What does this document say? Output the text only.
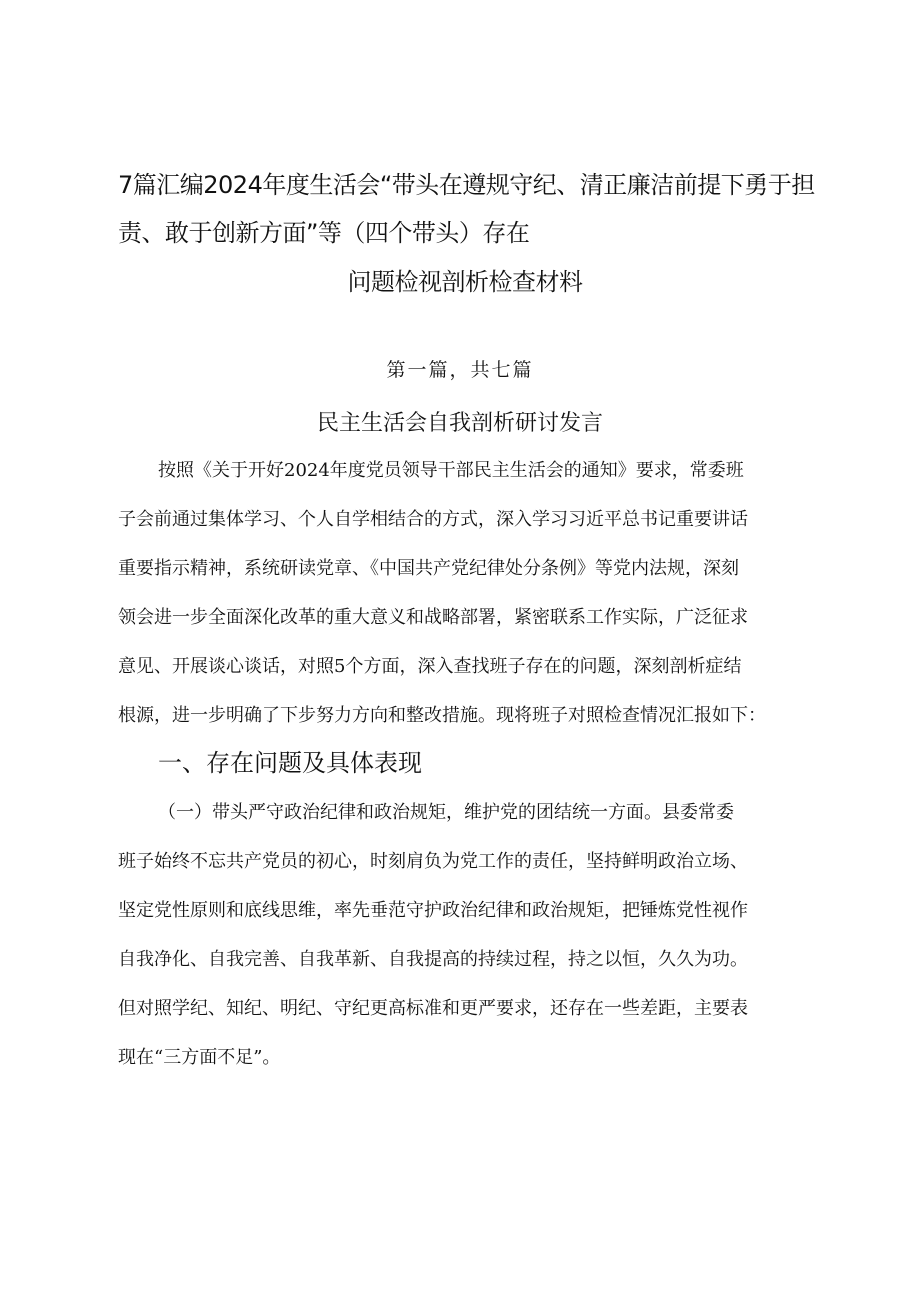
7篇汇编2024年度生活会“带头在遵规守纪、清正廉洁前提下勇于担
责、敢于创新方面”等（四个带头）存在
问题检视剖析检查材料
第一篇，共七篇
民主生活会自我剖析研讨发言
按照《关于开好2024年度党员领导干部民主生活会的通知》要求，常委班
子会前通过集体学习、个人自学相结合的方式，深入学习习近平总书记重要讲话
重要指示精神，系统研读党章、《中国共产党纪律处分条例》等党内法规，深刻
领会进一步全面深化改革的重大意义和战略部署，紧密联系工作实际，广泛征求
意见、开展谈心谈话，对照5个方面，深入查找班子存在的问题，深刻剖析症结
根源，进一步明确了下步努力方向和整改措施。现将班子对照检查情况汇报如下：
一、存在问题及具体表现
（一）带头严守政治纪律和政治规矩，维护党的团结统一方面。县委常委
班子始终不忘共产党员的初心，时刻肩负为党工作的责任，坚持鲜明政治立场、
坚定党性原则和底线思维，率先垂范守护政治纪律和政治规矩，把锤炼党性视作
自我净化、自我完善、自我革新、自我提高的持续过程，持之以恒，久久为功。
但对照学纪、知纪、明纪、守纪更高标准和更严要求，还存在一些差距，主要表
现在“三方面不足”。
